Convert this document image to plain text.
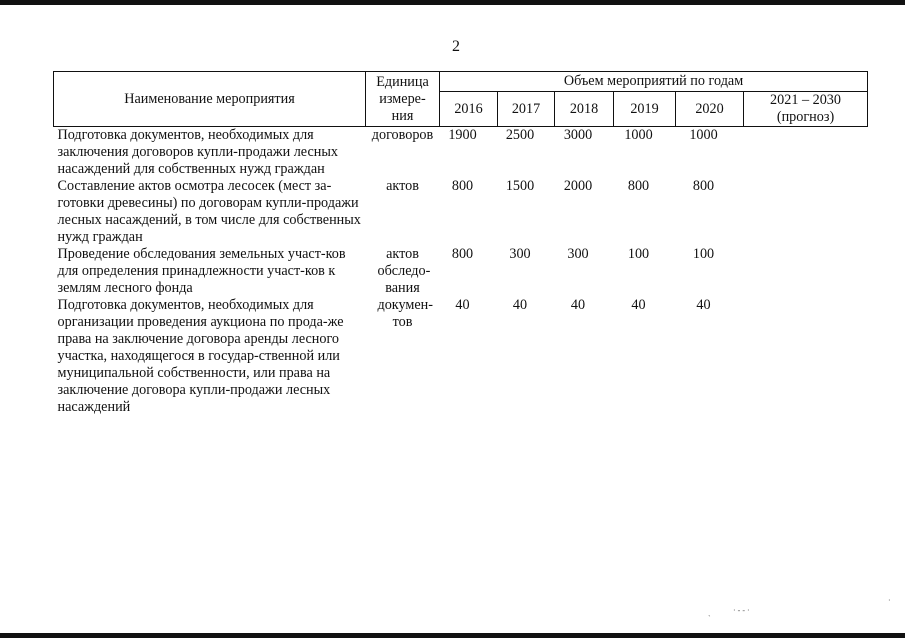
2
Наименование мероприятия	Единица измере-ния	Объем мероприятий по годам					
		2016	2017	2018	2019	2020	2021 – 2030 (прогноз)
Подготовка документов, необходимых для заключения договоров купли-продажи лесных насаждений для собственных нужд граждан	договоров	1900	2500	3000	1000	1000	
Составление актов осмотра лесосек (мест за-готовки древесины) по договорам купли-продажи лесных насаждений, в том числе для собственных нужд граждан	актов	800	1500	2000	800	800	
Проведение обследования земельных участ-ков для определения принадлежности участ-ков к землям лесного фонда	актов обследо-вания	800	300	300	100	100	
Подготовка документов, необходимых для организации проведения аукциона по прода-же права на заключение договора аренды лесного участка, находящегося в государ-ственной или муниципальной собственности, или права на заключение договора купли-продажи лесных насаждений	докумен-тов	40	40	40	40	40	
· - - ·
`
·
